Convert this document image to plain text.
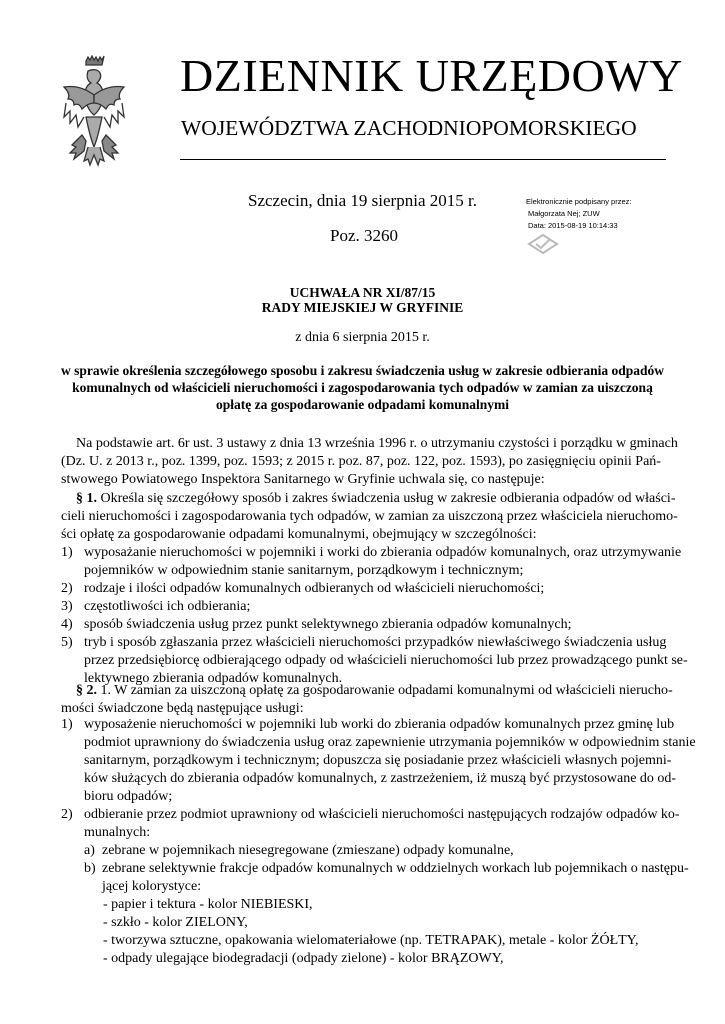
DZIENNIK URZĘDOWY
WOJEWÓDZTWA ZACHODNIOPOMORSKIEGO
Szczecin, dnia 19 sierpnia 2015 r.
Poz. 3260
Elektronicznie podpisany przez:
Małgorzata Nej; ZUW
Data: 2015-08-19 10:14:33
UCHWAŁA NR XI/87/15
RADY MIEJSKIEJ W GRYFINIE
z dnia 6 sierpnia 2015 r.
w sprawie określenia szczegółowego sposobu i zakresu świadczenia usług w zakresie odbierania odpadów
komunalnych od właścicieli nieruchomości i zagospodarowania tych odpadów w zamian za uiszczoną
opłatę za gospodarowanie odpadami komunalnymi
Na podstawie art. 6r ust. 3 ustawy z dnia 13 września 1996 r. o utrzymaniu czystości i porządku w gminach
(Dz. U. z 2013 r., poz. 1399, poz. 1593; z 2015 r. poz. 87, poz. 122, poz. 1593), po zasięgnięciu opinii Pań-
stwowego Powiatowego Inspektora Sanitarnego w Gryfinie uchwala się, co następuje:
§ 1. Określa się szczegółowy sposób i zakres świadczenia usług w zakresie odbierania odpadów od właści-
cieli nieruchomości i zagospodarowania tych odpadów, w zamian za uiszczoną przez właściciela nieruchomo-
ści opłatę za gospodarowanie odpadami komunalnymi, obejmujący w szczególności:
1) wyposażanie nieruchomości w pojemniki i worki do zbierania odpadów komunalnych, oraz utrzymywanie
pojemników w odpowiednim stanie sanitarnym, porządkowym i technicznym;
2) rodzaje i ilości odpadów komunalnych odbieranych od właścicieli nieruchomości;
3) częstotliwości ich odbierania;
4) sposób świadczenia usług przez punkt selektywnego zbierania odpadów komunalnych;
5) tryb i sposób zgłaszania przez właścicieli nieruchomości przypadków niewłaściwego świadczenia usług
przez przedsiębiorcę odbierającego odpady od właścicieli nieruchomości lub przez prowadzącego punkt se-
lektywnego zbierania odpadów komunalnych.
§ 2. 1. W zamian za uiszczoną opłatę za gospodarowanie odpadami komunalnymi od właścicieli nierucho-
mości świadczone będą następujące usługi:
1) wyposażenie nieruchomości w pojemniki lub worki do zbierania odpadów komunalnych przez gminę lub
podmiot uprawniony do świadczenia usług oraz zapewnienie utrzymania pojemników w odpowiednim stanie
sanitarnym, porządkowym i technicznym; dopuszcza się posiadanie przez właścicieli własnych pojemni-
ków służących do zbierania odpadów komunalnych, z zastrzeżeniem, iż muszą być przystosowane do od-
bioru odpadów;
2) odbieranie przez podmiot uprawniony od właścicieli nieruchomości następujących rodzajów odpadów ko-
munalnych:
a) zebrane w pojemnikach niesegregowane (zmieszane) odpady komunalne,
b) zebrane selektywnie frakcje odpadów komunalnych w oddzielnych workach lub pojemnikach o następu-
jącej kolorystyce:
- papier i tektura - kolor NIEBIESKI,
- szkło - kolor ZIELONY,
- tworzywa sztuczne, opakowania wielomateriałowe (np. TETRAPAK), metale - kolor ŻÓŁTY,
- odpady ulegające biodegradacji (odpady zielone) - kolor BRĄZOWY,
